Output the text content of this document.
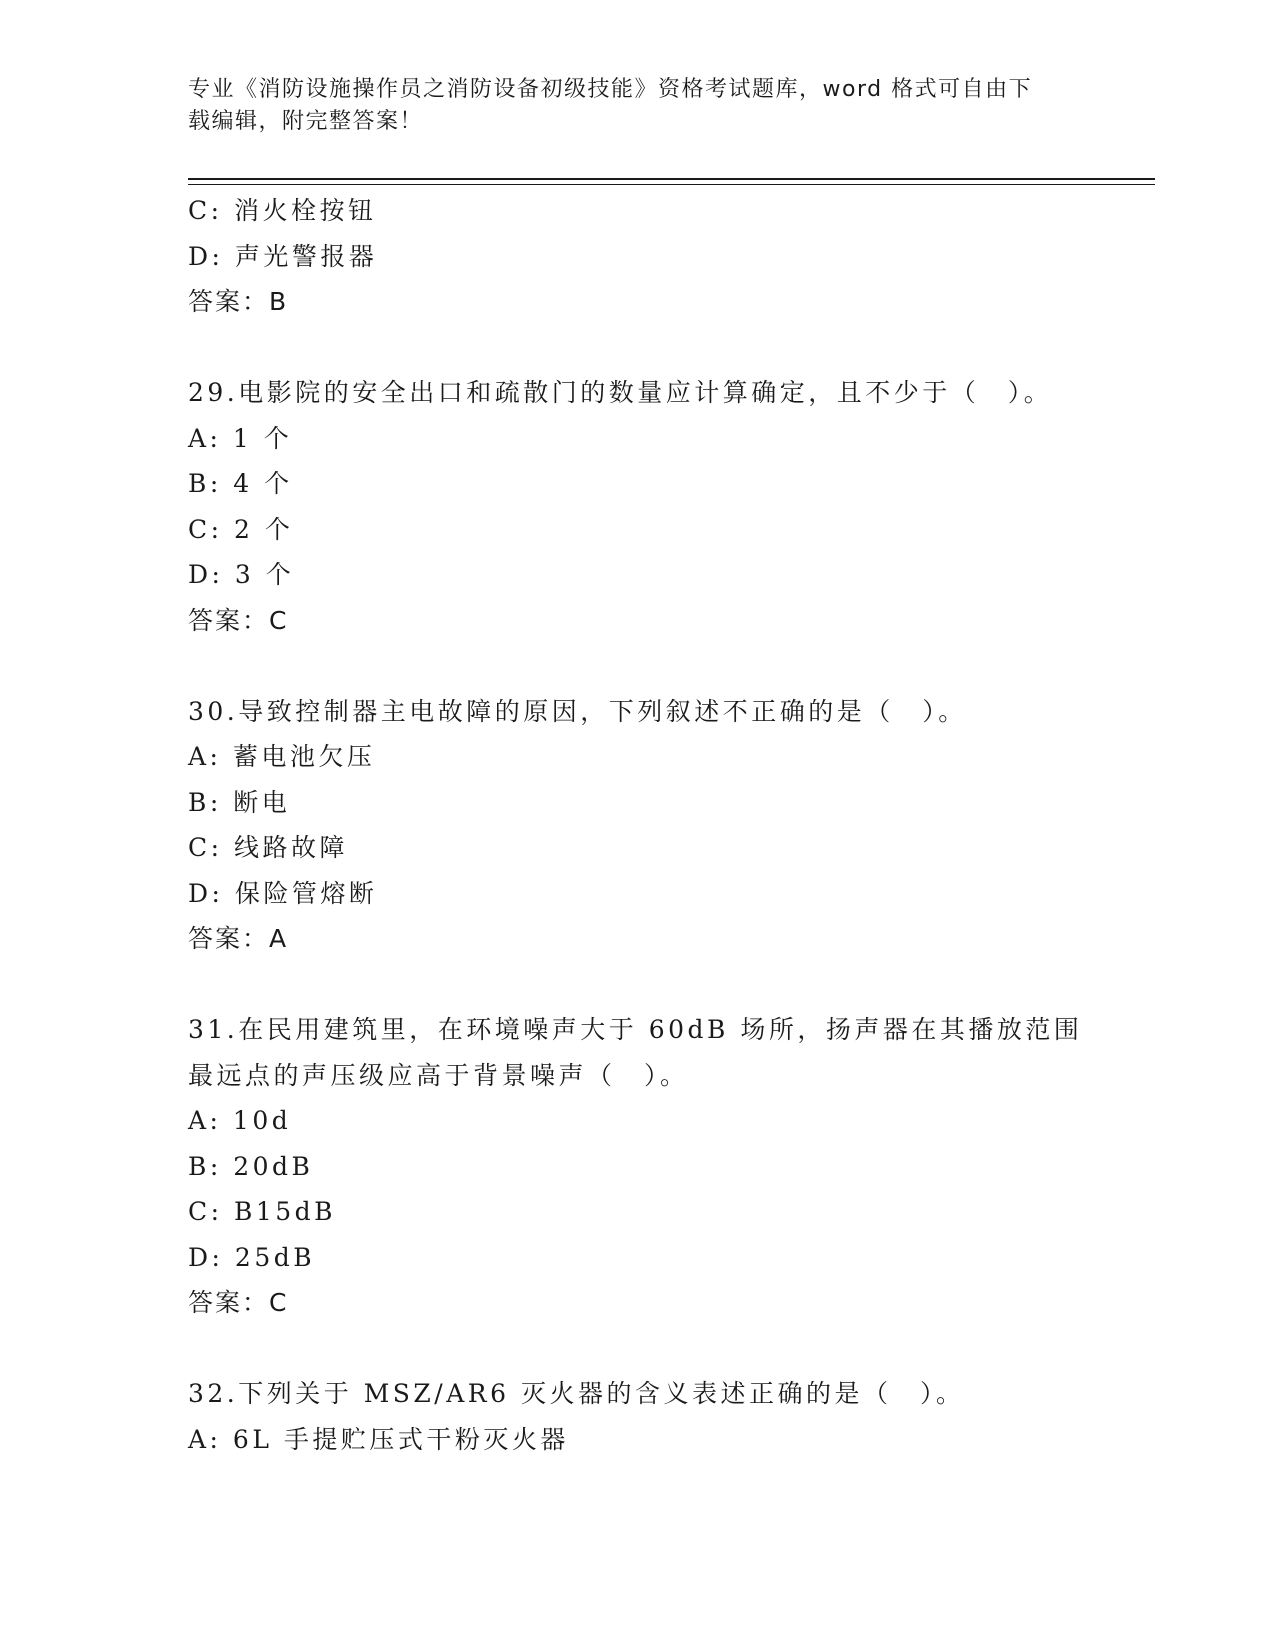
专业《消防设施操作员之消防设备初级技能》资格考试题库，word 格式可自由下
载编辑，附完整答案！
C: 消火栓按钮
D: 声光警报器
答案：B
29.电影院的安全出口和疏散门的数量应计算确定，且不少于（　）。
A: 1 个
B: 4 个
C: 2 个
D: 3 个
答案：C
30.导致控制器主电故障的原因，下列叙述不正确的是（　）。
A: 蓄电池欠压
B: 断电
C: 线路故障
D: 保险管熔断
答案：A
31.在民用建筑里，在环境噪声大于 60dB 场所，扬声器在其播放范围
最远点的声压级应高于背景噪声（　）。
A: 10d
B: 20dB
C: B15dB
D: 25dB
答案：C
32.下列关于 MSZ/AR6 灭火器的含义表述正确的是（　）。
A: 6L 手提贮压式干粉灭火器
